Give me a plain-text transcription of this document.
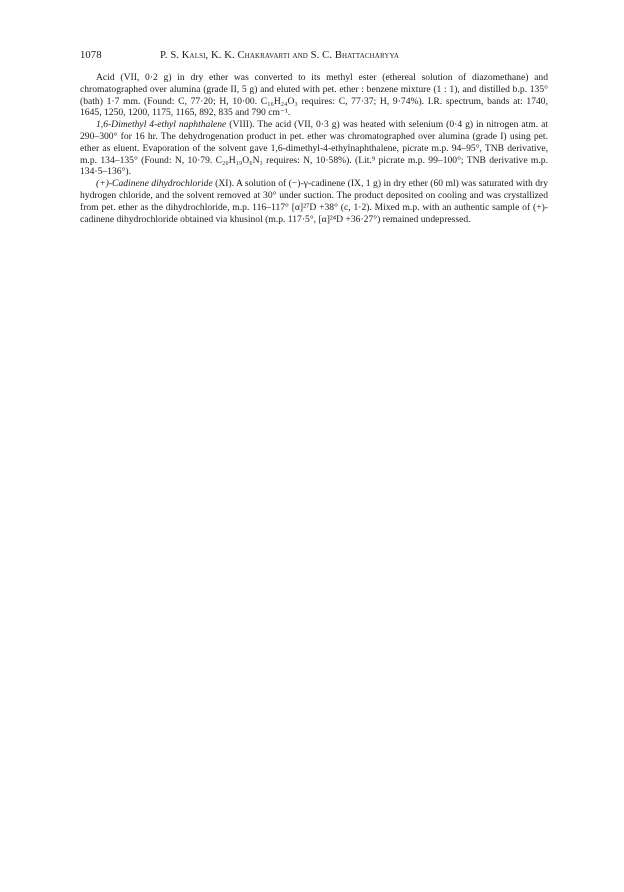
1078	P. S. Kalsi, K. K. Chakravarti and S. C. Bhattacharyya

Acid (VII, 0·2 g) in dry ether was converted to its methyl ester (ethereal solution of diazomethane) and chromatographed over alumina (grade II, 5 g) and eluted with pet. ether : benzene mixture (1 : 1), and distilled b.p. 135°(bath) 1·7 mm. (Found: C, 77·20; H, 10·00. C₁₆H₂₄O₃ requires: C, 77·37; H, 9·74%). I.R. spectrum, bands at: 1740, 1645, 1250, 1200, 1175, 1165, 892, 835 and 790 cm⁻¹.

1,6-Dimethyl 4-ethyl naphthalene (VIII). The acid (VII, 0·3 g) was heated with selenium (0·4 g) in nitrogen atm. at 290–300° for 16 hr. The dehydrogenation product in pet. ether was chromatographed over alumina (grade I) using pet. ether as eluent. Evaporation of the solvent gave 1,6-dimethyl-4-ethylnaphthalene, picrate m.p. 94–95°, TNB derivative, m.p. 134–135° (Found: N, 10·79. C₂₀H₁₉O₆N₃ requires: N, 10·58%). (Lit.⁹ picrate m.p. 99–100°; TNB derivative m.p. 134·5–136°).

(+)-Cadinene dihydrochloride (XI). A solution of (−)-γ-cadinene (IX, 1 g) in dry ether (60 ml) was saturated with dry hydrogen chloride, and the solvent removed at 30° under suction. The product deposited on cooling and was crystallized from pet. ether as the dihydrochloride, m.p. 116–117° [α]²⁷D +38° (c, 1·2). Mixed m.p. with an authentic sample of (+)-cadinene dihydrochloride obtained via khusinol (m.p. 117·5°, [α]²⁴D +36·27°) remained undepressed.
